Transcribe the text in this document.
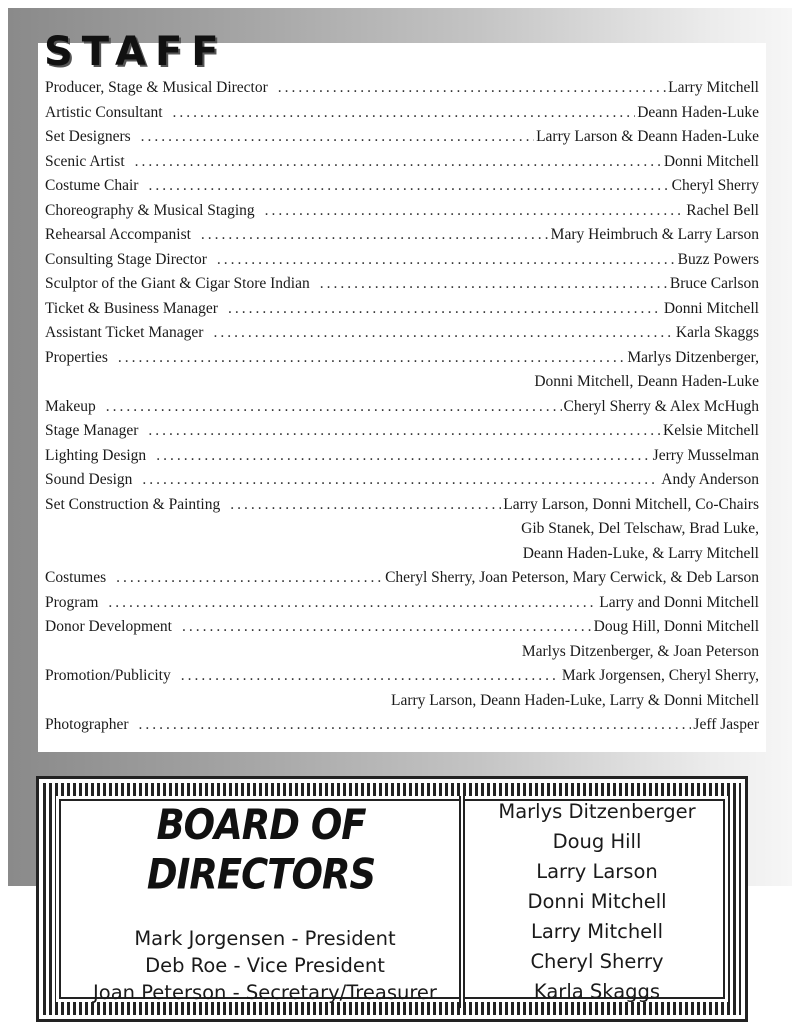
STAFF
Producer, Stage & Musical Director .....	Larry Mitchell
Artistic Consultant .....	Deann Haden-Luke
Set Designers .....	Larry Larson & Deann Haden-Luke
Scenic Artist .....	Donni Mitchell
Costume Chair .....	Cheryl Sherry
Choreography & Musical Staging .....	Rachel Bell
Rehearsal Accompanist .....	Mary Heimbruch & Larry Larson
Consulting Stage Director .....	Buzz Powers
Sculptor of the Giant & Cigar Store Indian .....	Bruce Carlson
Ticket & Business Manager .....	Donni Mitchell
Assistant Ticket Manager .....	Karla Skaggs
Properties .....	Marlys Ditzenberger,
Donni Mitchell, Deann Haden-Luke
Makeup .....	Cheryl Sherry & Alex McHugh
Stage Manager .....	Kelsie Mitchell
Lighting Design .....	Jerry Musselman
Sound Design .....	Andy Anderson
Set Construction & Painting .....	Larry Larson, Donni Mitchell, Co-Chairs
Gib Stanek, Del Telschaw, Brad Luke,
Deann Haden-Luke, & Larry Mitchell
Costumes .....	Cheryl Sherry, Joan Peterson, Mary Cerwick, & Deb Larson
Program .....	Larry and Donni Mitchell
Donor Development .....	Doug Hill, Donni Mitchell
Marlys Ditzenberger, & Joan Peterson
Promotion/Publicity .....	Mark Jorgensen, Cheryl Sherry,
Larry Larson, Deann Haden-Luke, Larry & Donni Mitchell
Photographer .....	Jeff Jasper
BOARD OF
DIRECTORS
Mark Jorgensen - President
Deb Roe - Vice President
Joan Peterson - Secretary/Treasurer
Marlys Ditzenberger
Doug Hill
Larry Larson
Donni Mitchell
Larry Mitchell
Cheryl Sherry
Karla Skaggs
